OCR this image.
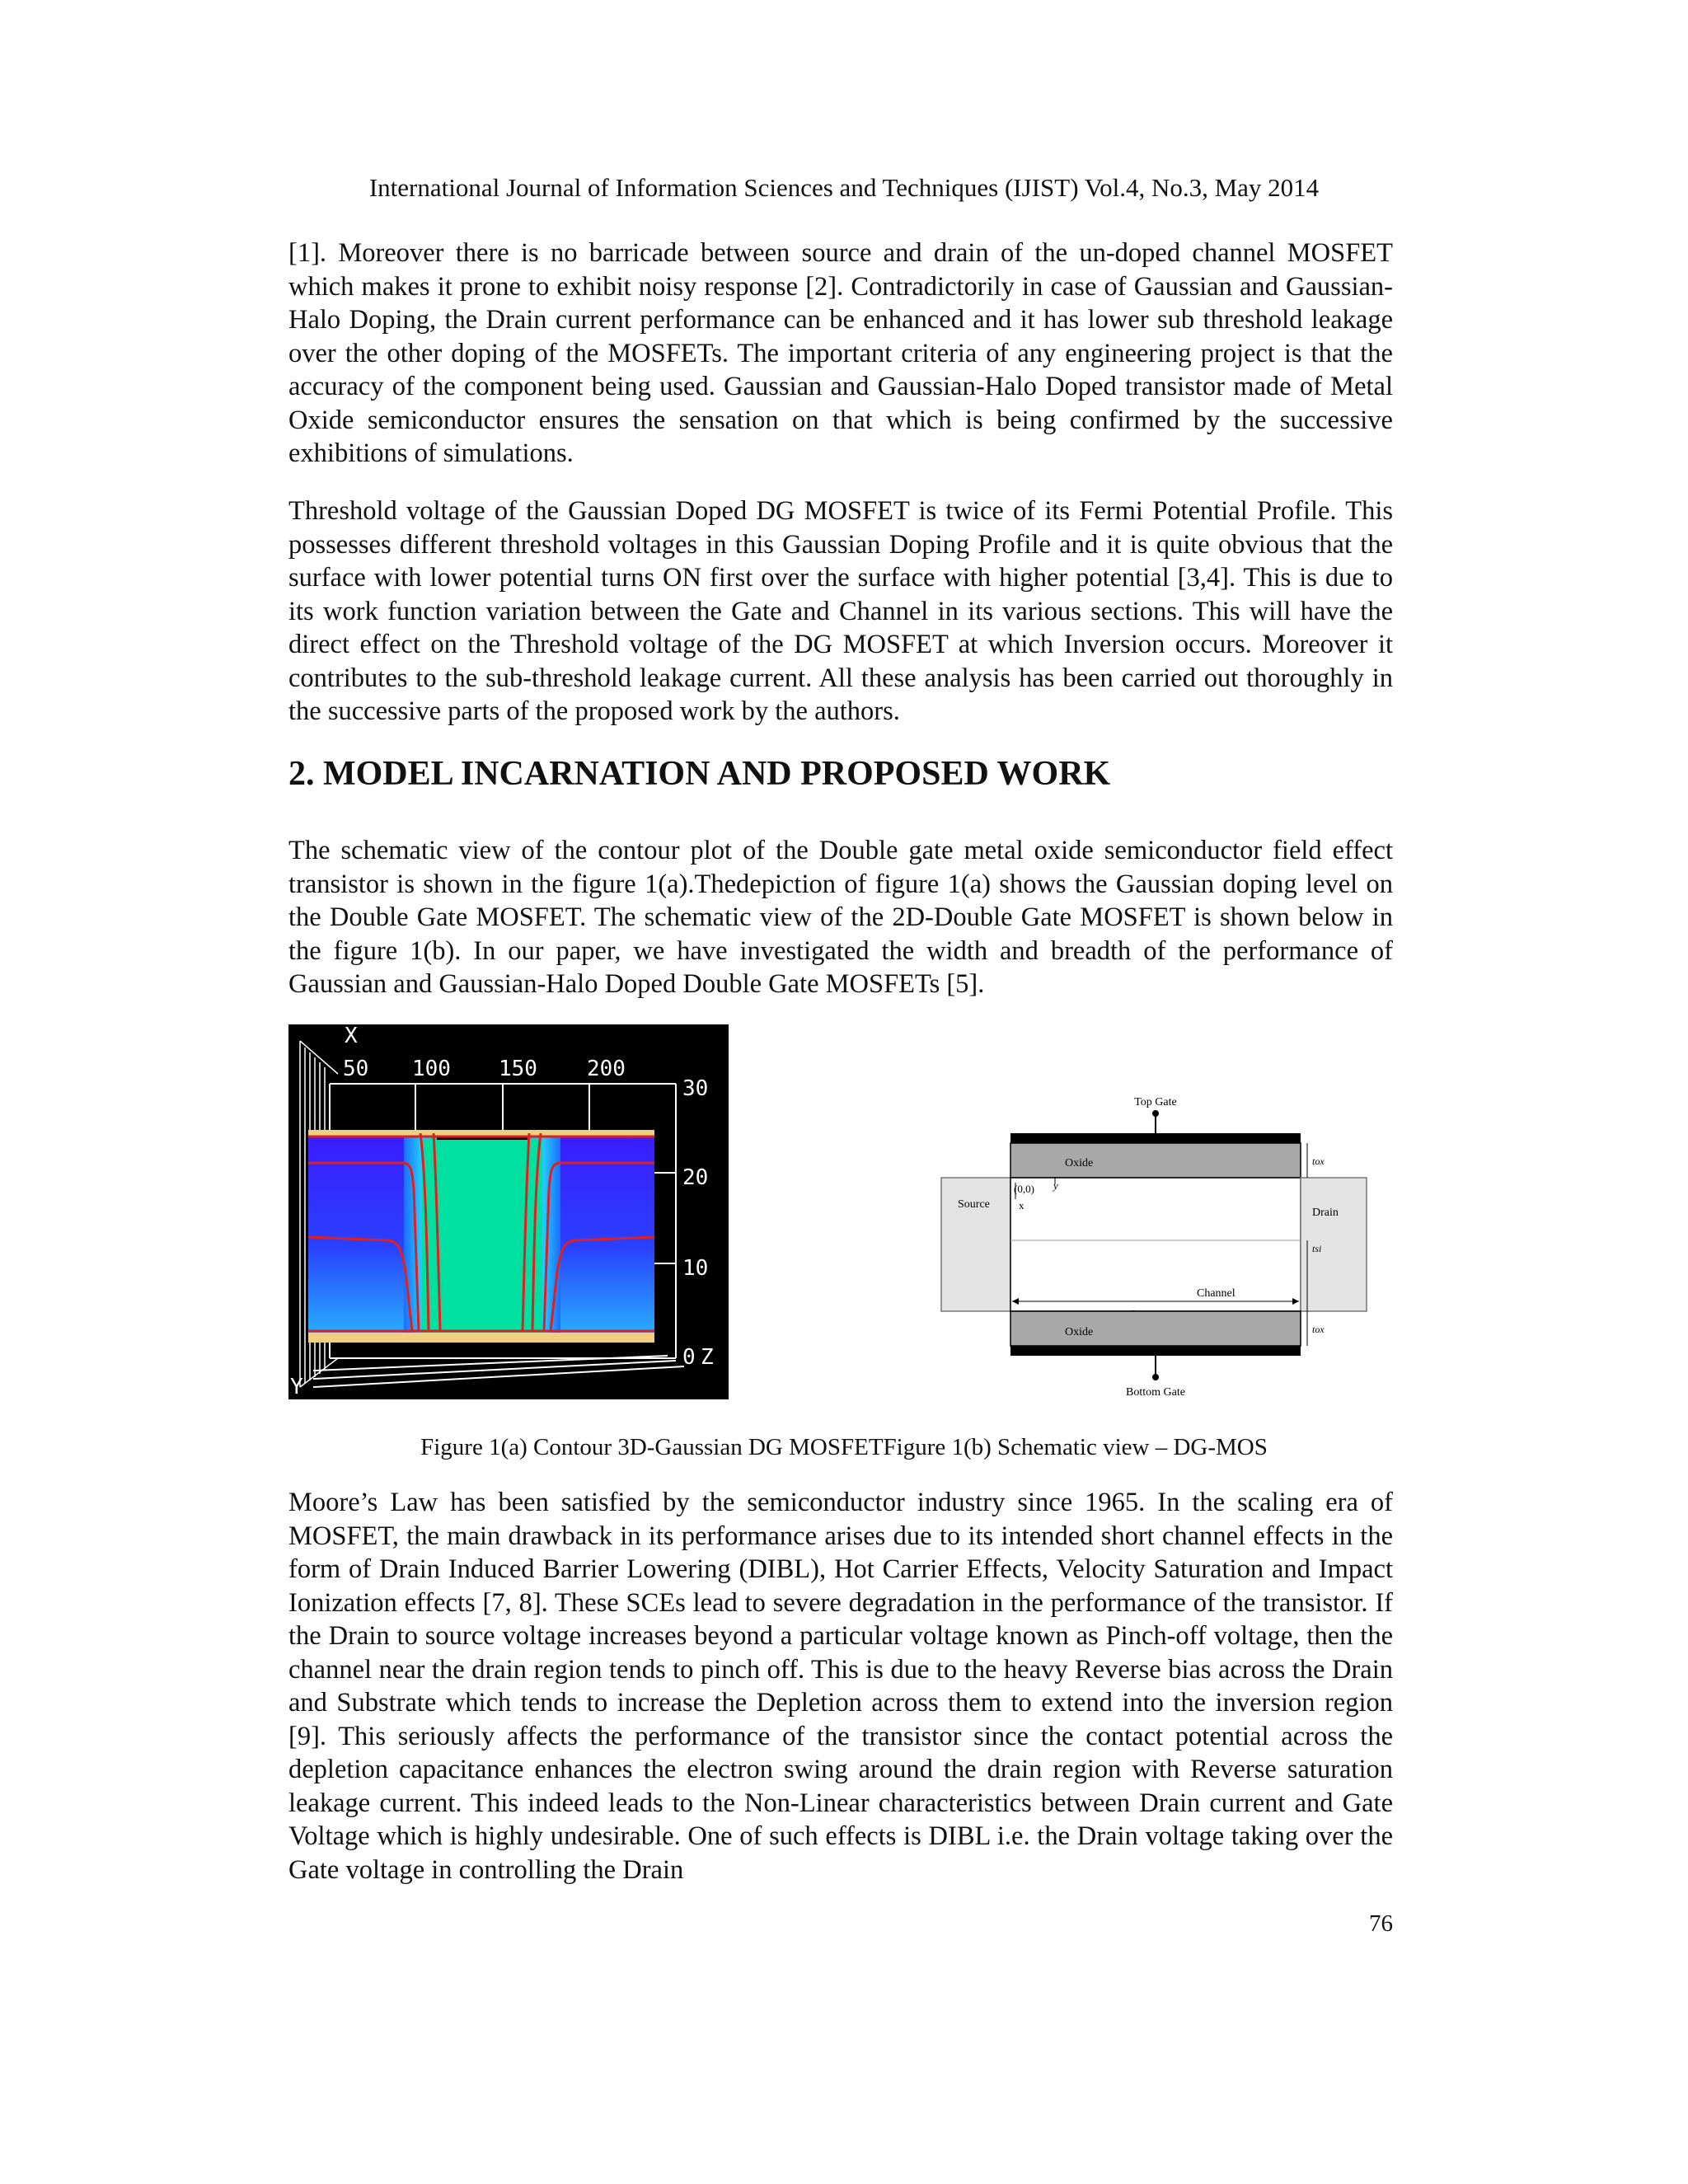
International Journal of Information Sciences and Techniques (IJIST) Vol.4, No.3, May 2014

[1]. Moreover there is no barricade between source and drain of the un-doped channel MOSFET which makes it prone to exhibit noisy response [2]. Contradictorily in case of Gaussian and Gaussian-Halo Doping, the Drain current performance can be enhanced and it has lower sub threshold leakage over the other doping of the MOSFETs. The important criteria of any engineering project is that the accuracy of the component being used. Gaussian and Gaussian-Halo Doped transistor made of Metal Oxide semiconductor ensures the sensation on that which is being confirmed by the successive exhibitions of simulations.

Threshold voltage of the Gaussian Doped DG MOSFET is twice of its Fermi Potential Profile. This possesses different threshold voltages in this Gaussian Doping Profile and it is quite obvious that the surface with lower potential turns ON first over the surface with higher potential [3,4]. This is due to its work function variation between the Gate and Channel in its various sections. This will have the direct effect on the Threshold voltage of the DG MOSFET at which Inversion occurs. Moreover it contributes to the sub-threshold leakage current. All these analysis has been carried out thoroughly in the successive parts of the proposed work by the authors.

2. MODEL INCARNATION AND PROPOSED WORK

The schematic view of the contour plot of the Double gate metal oxide semiconductor field effect transistor is shown in the figure 1(a).Thedepiction of figure 1(a) shows the Gaussian doping level on the Double Gate MOSFET. The schematic view of the 2D-Double Gate MOSFET is shown below in the figure 1(b). In our paper, we have investigated the width and breadth of the performance of Gaussian and Gaussian-Halo Doped Double Gate MOSFETs [5].

50 100 150 200
30
20
10
0 Z
X
Y
Top Gate
Oxide
Source
Drain
(0,0) y
x
Channel
Oxide
Bottom Gate
tox
tsi
tox
Figure 1(a) Contour 3D-Gaussian DG MOSFETFigure 1(b) Schematic view – DG-MOS

Moore’s Law has been satisfied by the semiconductor industry since 1965. In the scaling era of MOSFET, the main drawback in its performance arises due to its intended short channel effects in the form of Drain Induced Barrier Lowering (DIBL), Hot Carrier Effects, Velocity Saturation and Impact Ionization effects [7, 8]. These SCEs lead to severe degradation in the performance of the transistor. If the Drain to source voltage increases beyond a particular voltage known as Pinch-off voltage, then the channel near the drain region tends to pinch off. This is due to the heavy Reverse bias across the Drain and Substrate which tends to increase the Depletion across them to extend into the inversion region [9]. This seriously affects the performance of the transistor since the contact potential across the depletion capacitance enhances the electron swing around the drain region with Reverse saturation leakage current. This indeed leads to the Non-Linear characteristics between Drain current and Gate Voltage which is highly undesirable. One of such effects is DIBL i.e. the Drain voltage taking over the Gate voltage in controlling the Drain

76
